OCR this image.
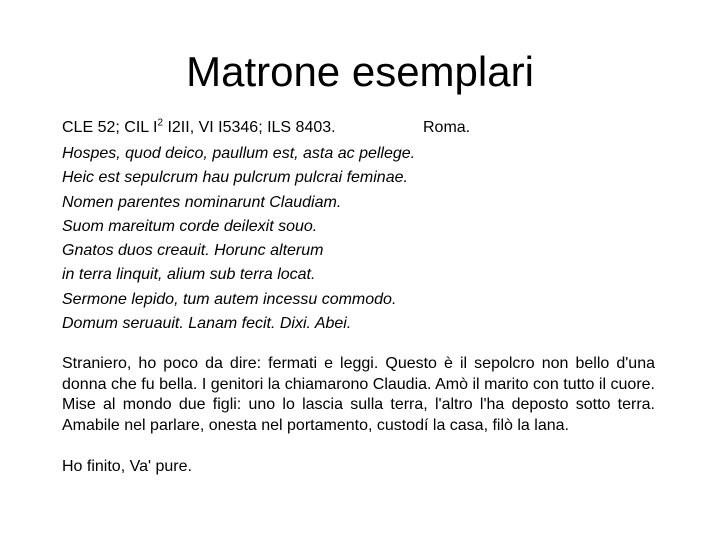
Matrone esemplari
CLE 52; CIL $I^2$ I2II, VI I5346; ILS 8403.	Roma.
Hospes, quod deico, paullum est, asta ac pellege.
Heic est sepulcrum hau pulcrum pulcrai feminae.
Nomen parentes nominarunt Claudiam.
Suom mareitum corde deilexit souo.
Gnatos duos creauit. Horunc alterum
in terra linquit, alium sub terra locat.
Sermone lepido, tum autem incessu commodo.
Domum seruauit. Lanam fecit. Dixi. Abei.

Straniero, ho poco da dire: fermati e leggi. Questo è il sepolcro non bello d'una donna che fu bella. I genitori la chiamarono Claudia. Amò il marito con tutto il cuore. Mise al mondo due figli: uno lo lascia sulla terra, l'altro l'ha deposto sotto terra. Amabile nel parlare, onesta nel portamento, custodí la casa, filò la lana.

Ho finito, Va' pure.
